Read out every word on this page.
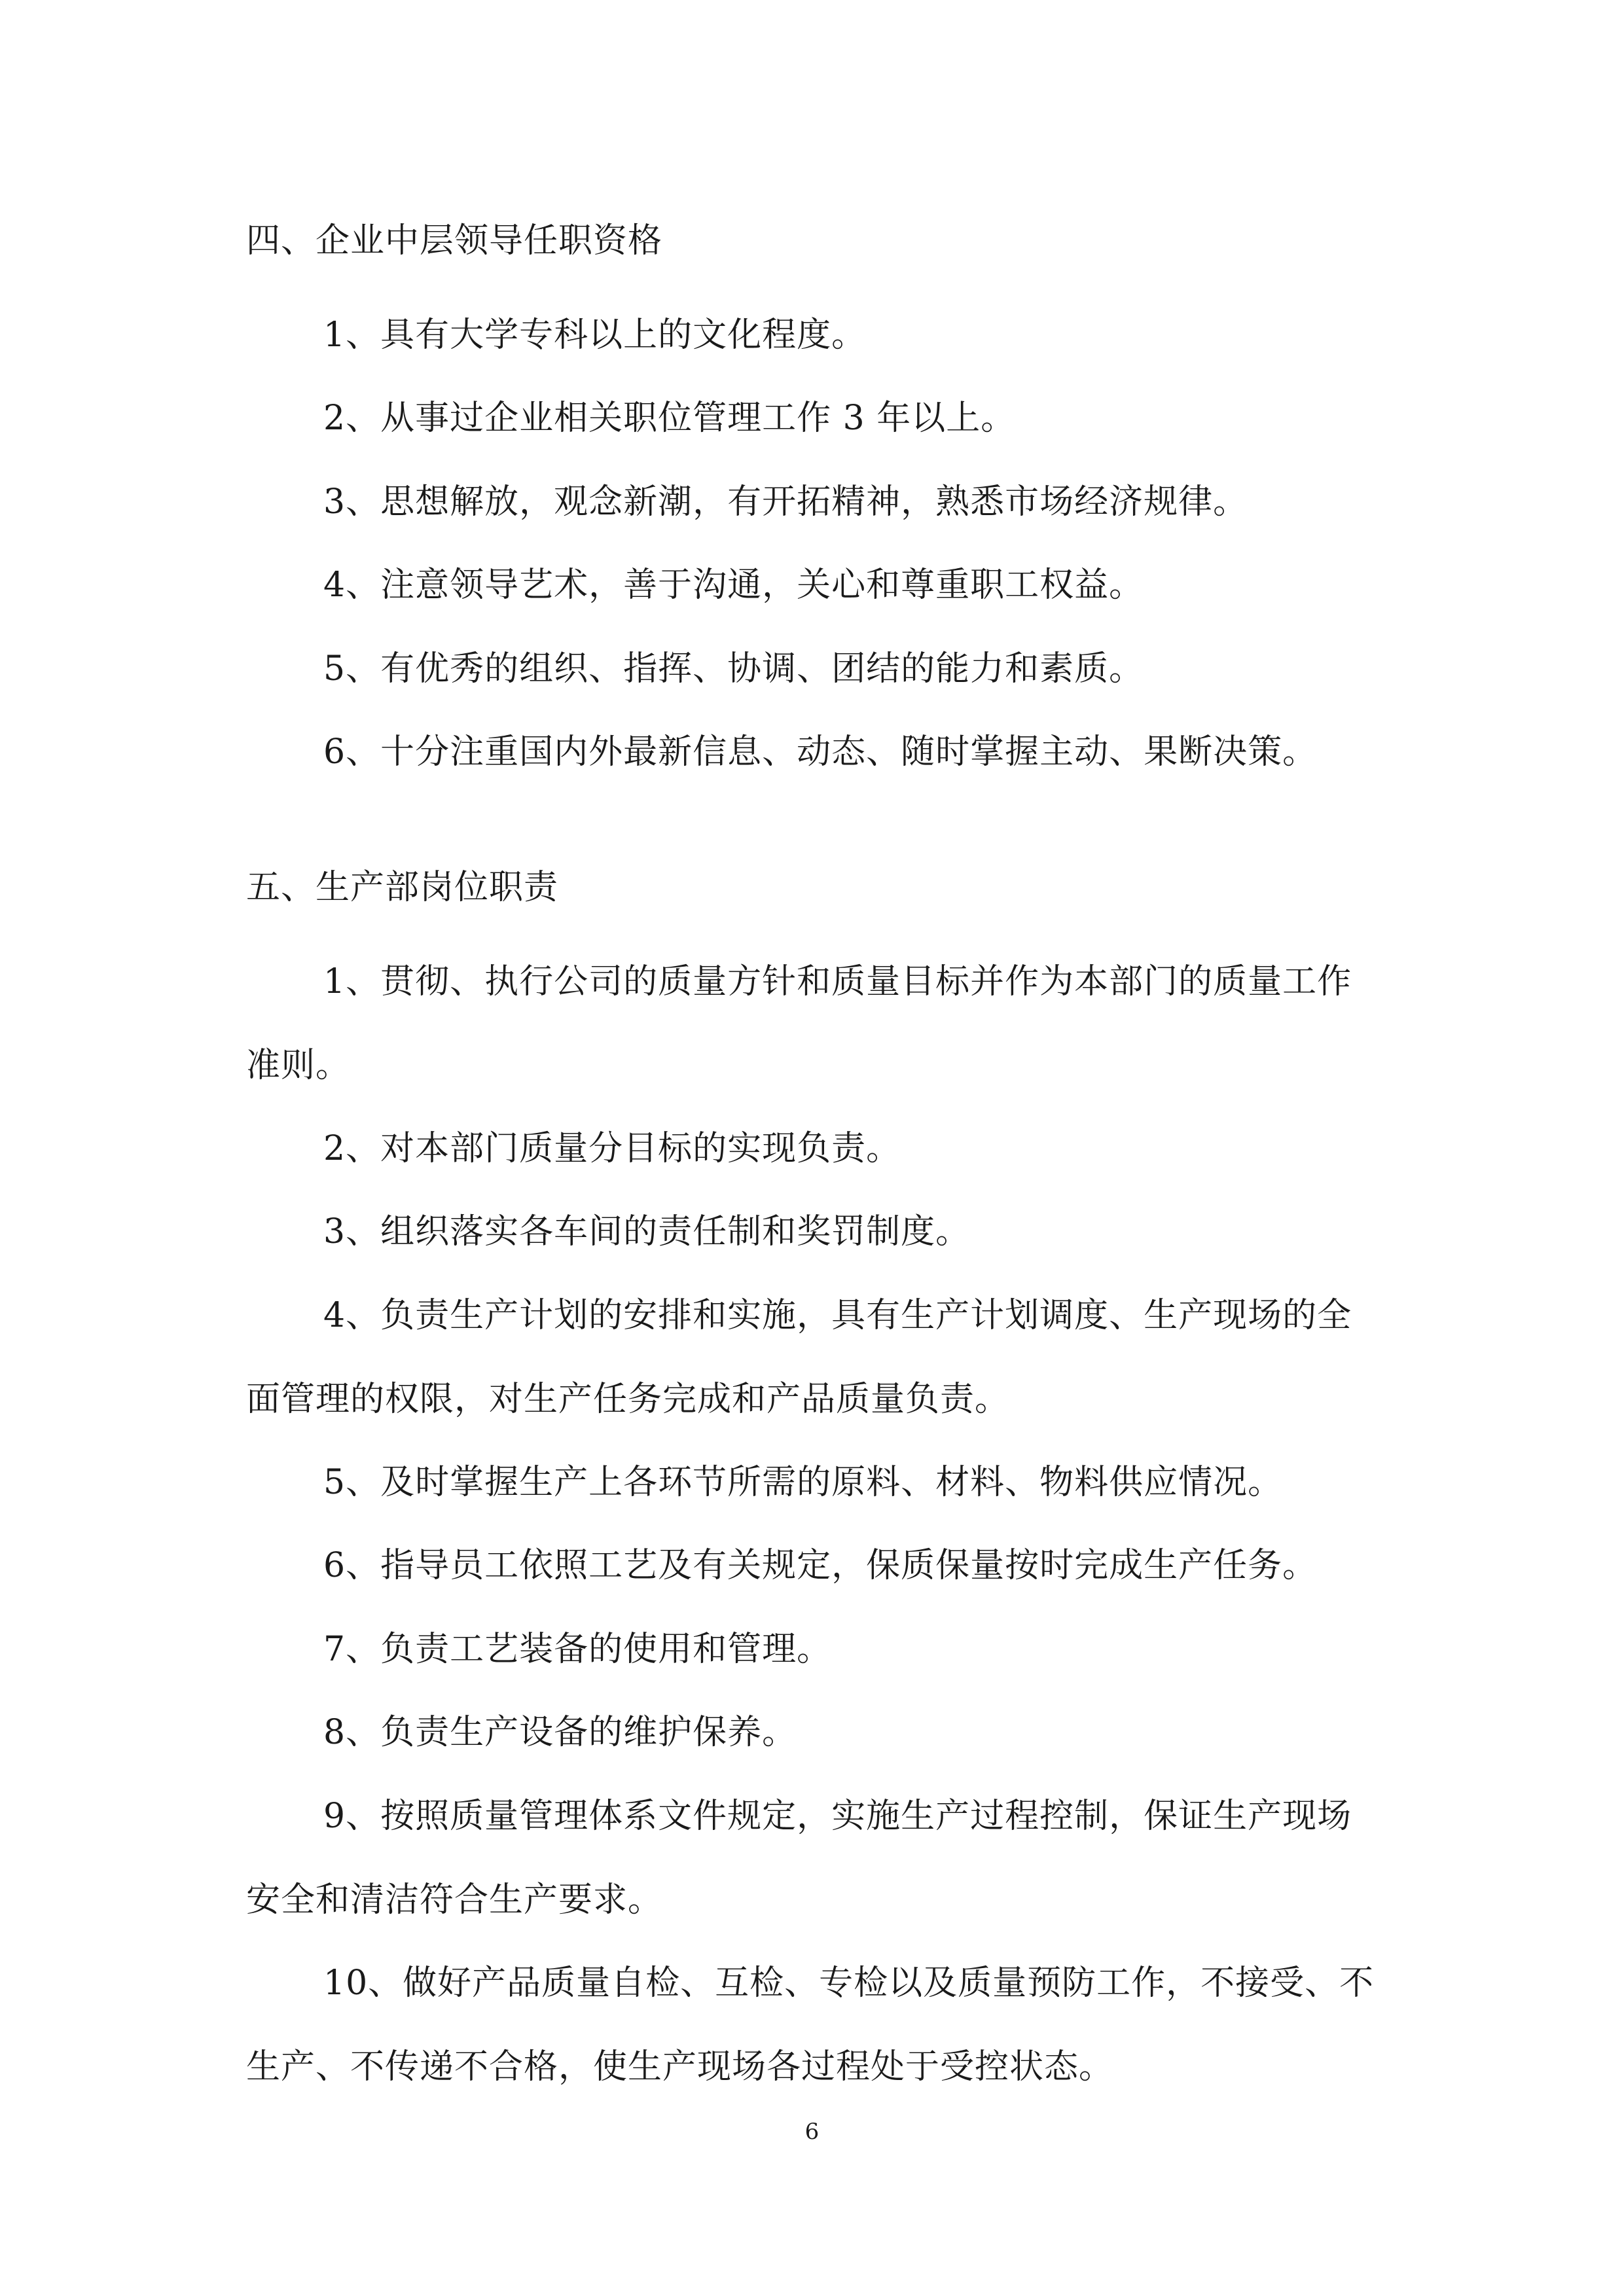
四、企业中层领导任职资格
1、具有大学专科以上的文化程度。
2、从事过企业相关职位管理工作 3 年以上。
3、思想解放，观念新潮，有开拓精神，熟悉市场经济规律。
4、注意领导艺术，善于沟通，关心和尊重职工权益。
5、有优秀的组织、指挥、协调、团结的能力和素质。
6、十分注重国内外最新信息、动态、随时掌握主动、果断决策。
五、生产部岗位职责
1、贯彻、执行公司的质量方针和质量目标并作为本部门的质量工作准则。
2、对本部门质量分目标的实现负责。
3、组织落实各车间的责任制和奖罚制度。
4、负责生产计划的安排和实施，具有生产计划调度、生产现场的全面管理的权限，对生产任务完成和产品质量负责。
5、及时掌握生产上各环节所需的原料、材料、物料供应情况。
6、指导员工依照工艺及有关规定，保质保量按时完成生产任务。
7、负责工艺装备的使用和管理。
8、负责生产设备的维护保养。
9、按照质量管理体系文件规定，实施生产过程控制，保证生产现场安全和清洁符合生产要求。
10、做好产品质量自检、互检、专检以及质量预防工作，不接受、不生产、不传递不合格，使生产现场各过程处于受控状态。
6
